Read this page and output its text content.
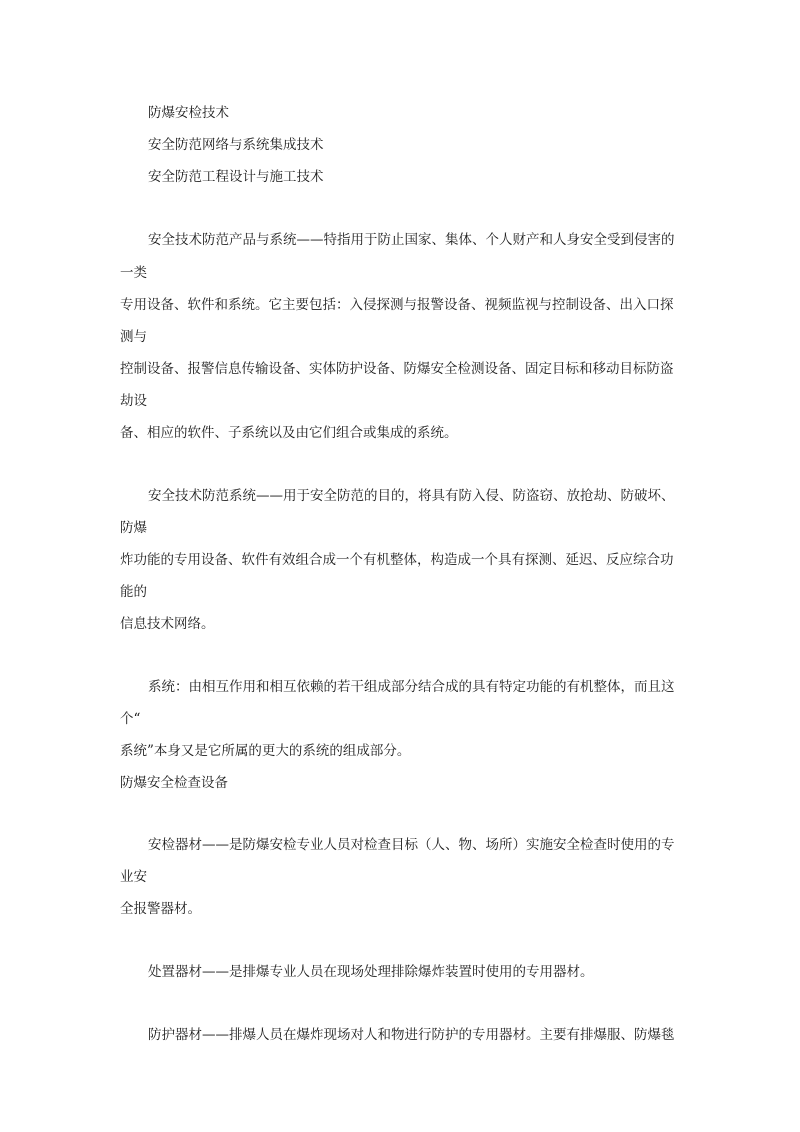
防爆安检技术
安全防范网络与系统集成技术
安全防范工程设计与施工技术
安全技术防范产品与系统——特指用于防止国家、集体、个人财产和人身安全受到侵害的
一类
专用设备、软件和系统。它主要包括：入侵探测与报警设备、视频监视与控制设备、出入口探
测与
控制设备、报警信息传输设备、实体防护设备、防爆安全检测设备、固定目标和移动目标防盗
劫设
备、相应的软件、子系统以及由它们组合或集成的系统。
安全技术防范系统——用于安全防范的目的，将具有防入侵、防盗窃、放抢劫、防破坏、
防爆
炸功能的专用设备、软件有效组合成一个有机整体，构造成一个具有探测、延迟、反应综合功
能的
信息技术网络。
系统：由相互作用和相互依赖的若干组成部分结合成的具有特定功能的有机整体，而且这
个“
系统”本身又是它所属的更大的系统的组成部分。
防爆安全检查设备
安检器材——是防爆安检专业人员对检查目标（人、物、场所）实施安全检查时使用的专
业安
全报警器材。
处置器材——是排爆专业人员在现场处理排除爆炸装置时使用的专用器材。
防护器材——排爆人员在爆炸现场对人和物进行防护的专用器材。主要有排爆服、防爆毯
